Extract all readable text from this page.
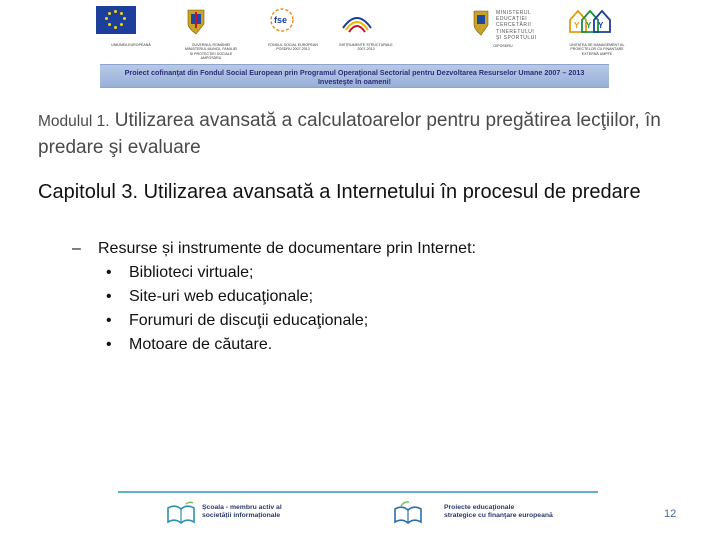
UNIUNEA EUROPEANĂ	GUVERNUL ROMÂNIEI
MINISTERUL MUNCII, FAMILIEI
ȘI PROTECȚIEI SOCIALE
AMPOSDRU
fse
FONDUL SOCIAL EUROPEAN
POSDRU 2007-2013
INSTRUMENTE STRUCTURALE
2007-2013
MINISTERUL
EDUCAȚIEI
CERCETĂRII
TINERETULUI
ȘI SPORTULUI
OIPOSDRU
Y Y Y
UNITATEA DE MANAGEMENT AL
PROIECTELOR CU FINANȚARE
EXTERNĂ UMPFE
Proiect cofinanţat din Fondul Social European prin Programul Operaţional Sectorial pentru Dezvoltarea Resurselor Umane 2007 – 2013
Investeşte în oameni!
Modulul 1. Utilizarea avansată a calculatoarelor pentru pregătirea lecţiilor, în predare şi evaluare
Capitolul 3. Utilizarea avansată a Internetului în procesul de predare
– Resurse și instrumente de documentare prin Internet:
• Biblioteci virtuale;
• Site-uri web educaţionale;
• Forumuri de discuţii educaţionale;
• Motoare de căutare.
Școala - membru activ al
societății informaționale
Proiecte educaţionale
strategice cu finanţare europeană	12
